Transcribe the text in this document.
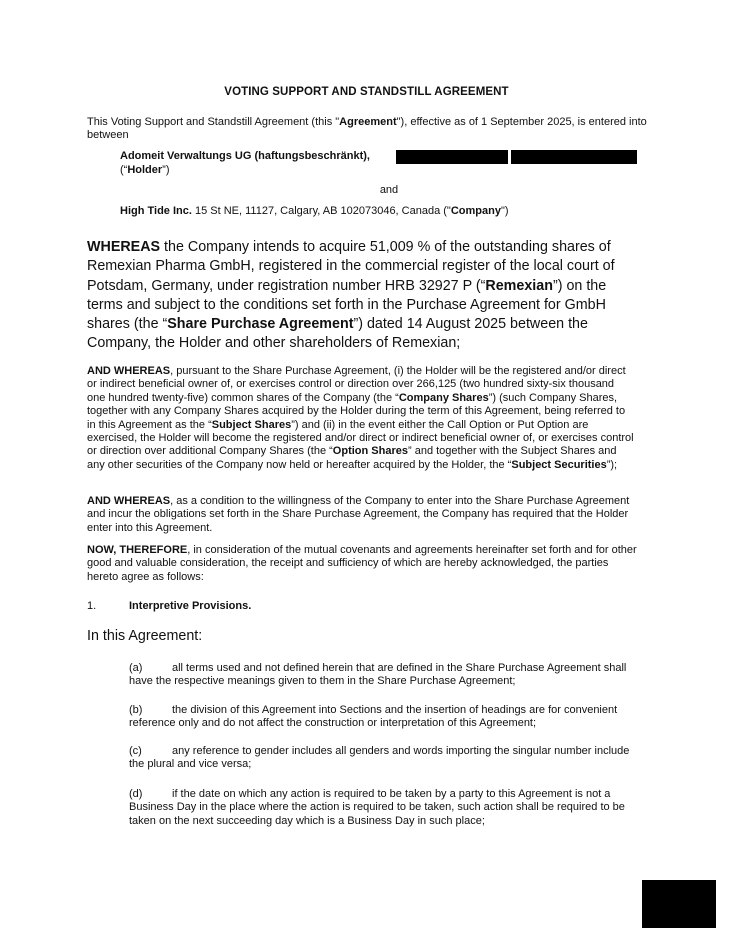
VOTING SUPPORT AND STANDSTILL AGREEMENT
This Voting Support and Standstill Agreement (this "Agreement"), effective as of 1 September 2025, is entered into between
Adomeit Verwaltungs UG (haftungsbeschränkt),
(“Holder”)
and
High Tide Inc. 15 St NE, 11127, Calgary, AB 102073046, Canada ("Company")
WHEREAS the Company intends to acquire 51,009 % of the outstanding shares of Remexian Pharma GmbH, registered in the commercial register of the local court of Potsdam, Germany, under registration number HRB 32927 P (“Remexian”) on the terms and subject to the conditions set forth in the Purchase Agreement for GmbH shares (the “Share Purchase Agreement”) dated 14 August 2025 between the Company, the Holder and other shareholders of Remexian;
AND WHEREAS, pursuant to the Share Purchase Agreement, (i) the Holder will be the registered and/or direct or indirect beneficial owner of, or exercises control or direction over 266,125 (two hundred sixty-six thousand one hundred twenty-five) common shares of the Company (the “Company Shares”) (such Company Shares, together with any Company Shares acquired by the Holder during the term of this Agreement, being referred to in this Agreement as the “Subject Shares”) and (ii) in the event either the Call Option or Put Option are exercised, the Holder will become the registered and/or direct or indirect beneficial owner of, or exercises control or direction over additional Company Shares (the “Option Shares” and together with the Subject Shares and any other securities of the Company now held or hereafter acquired by the Holder, the “Subject Securities”);
AND WHEREAS, as a condition to the willingness of the Company to enter into the Share Purchase Agreement and incur the obligations set forth in the Share Purchase Agreement, the Company has required that the Holder enter into this Agreement.
NOW, THEREFORE, in consideration of the mutual covenants and agreements hereinafter set forth and for other good and valuable consideration, the receipt and sufficiency of which are hereby acknowledged, the parties hereto agree as follows:
1.	Interpretive Provisions.
In this Agreement:
(a)	all terms used and not defined herein that are defined in the Share Purchase Agreement shall have the respective meanings given to them in the Share Purchase Agreement;
(b)	the division of this Agreement into Sections and the insertion of headings are for convenient reference only and do not affect the construction or interpretation of this Agreement;
(c)	any reference to gender includes all genders and words importing the singular number include the plural and vice versa;
(d)	if the date on which any action is required to be taken by a party to this Agreement is not a Business Day in the place where the action is required to be taken, such action shall be required to be taken on the next succeeding day which is a Business Day in such place;
